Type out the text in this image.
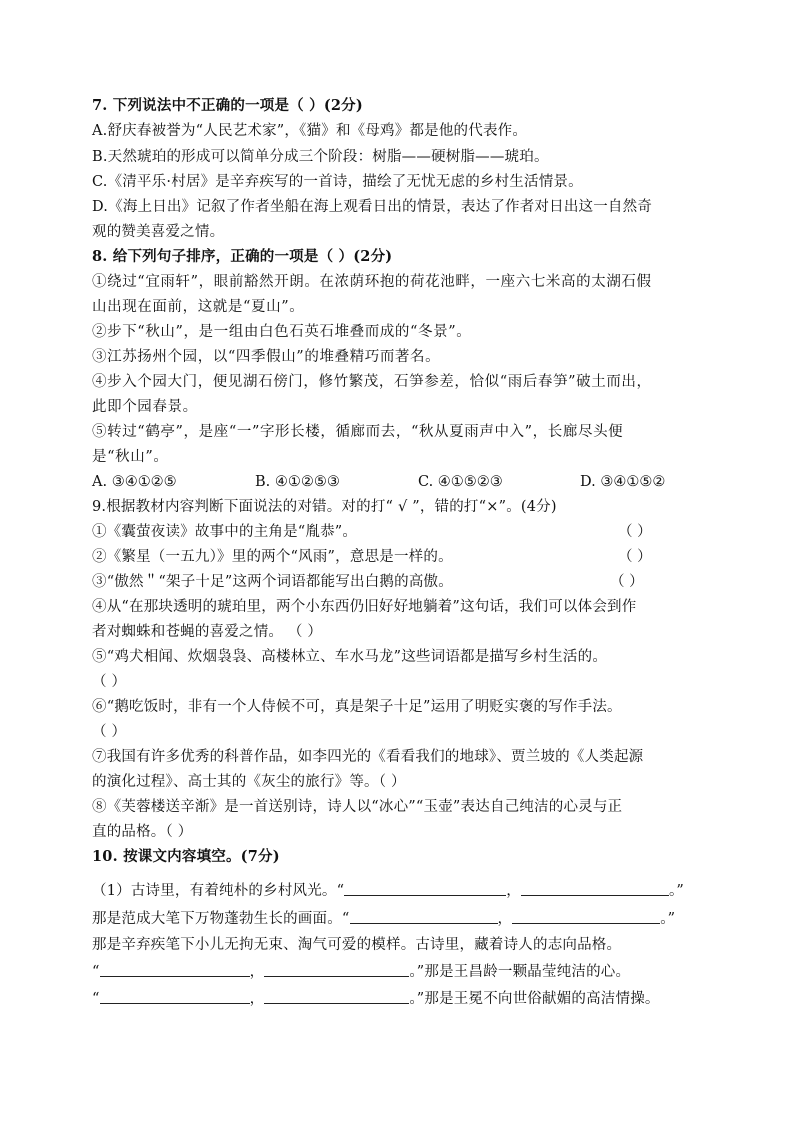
7. 下列说法中不正确的一项是（ ）(2分)
A.舒庆春被誉为“人民艺术家”，《猫》和《母鸡》都是他的代表作。
B.天然琥珀的形成可以简单分成三个阶段：树脂——硬树脂——琥珀。
C.《清平乐·村居》是辛弃疾写的一首诗，描绘了无忧无虑的乡村生活情景。
D.《海上日出》记叙了作者坐船在海上观看日出的情景，表达了作者对日出这一自然奇
观的赞美喜爱之情。
8. 给下列句子排序，正确的一项是（ ）(2分)
①绕过“宜雨轩”，眼前豁然开朗。在浓荫环抱的荷花池畔，一座六七米高的太湖石假
山出现在面前，这就是“夏山”。
②步下“秋山”，是一组由白色石英石堆叠而成的“冬景”。
③江苏扬州个园，以“四季假山”的堆叠精巧而著名。
④步入个园大门，便见湖石傍门，修竹繁茂，石笋参差，恰似“雨后春笋”破土而出，
此即个园春景。
⑤转过“鹤亭”，是座“一”字形长楼，循廊而去，“秋从夏雨声中入”，长廊尽头便
是“秋山”。
A. ③④①②⑤	B. ④①②⑤③	C. ④①⑤②③	D. ③④①⑤②
9.根据教材内容判断下面说法的对错。对的打“ √ ”，错的打“×”。(4分)
①《囊萤夜读》故事中的主角是“胤恭”。	（ ）
②《繁星（一五九）》里的两个“风雨”，意思是一样的。	（ ）
③“傲然＂“架子十足”这两个词语都能写出白鹅的高傲。	（ ）
④从“在那块透明的琥珀里，两个小东西仍旧好好地躺着”这句话，我们可以体会到作
者对蜘蛛和苍蝇的喜爱之情。 （ ）
⑤“鸡犬相闻、炊烟袅袅、高楼林立、车水马龙”这些词语都是描写乡村生活的。
（ ）
⑥“鹅吃饭时，非有一个人侍候不可，真是架子十足”运用了明贬实褒的写作手法。
（ ）
⑦我国有许多优秀的科普作品，如李四光的《看看我们的地球》、贾兰坡的《人类起源
的演化过程》、高士其的《灰尘的旅行》等。（ ）
⑧《芙蓉楼送辛渐》是一首送别诗，诗人以“冰心”“玉壶”表达自己纯洁的心灵与正
直的品格。（ ）
10. 按课文内容填空。(7分)
（1）古诗里，有着纯朴的乡村风光。“	，	。”
那是范成大笔下万物蓬勃生长的画面。“	，	。”
那是辛弃疾笔下小儿无拘无束、淘气可爱的模样。古诗里，藏着诗人的志向品格。
“	，	。”那是王昌龄一颗晶莹纯洁的心。
“	，	。”那是王冕不向世俗献媚的高洁情操。
